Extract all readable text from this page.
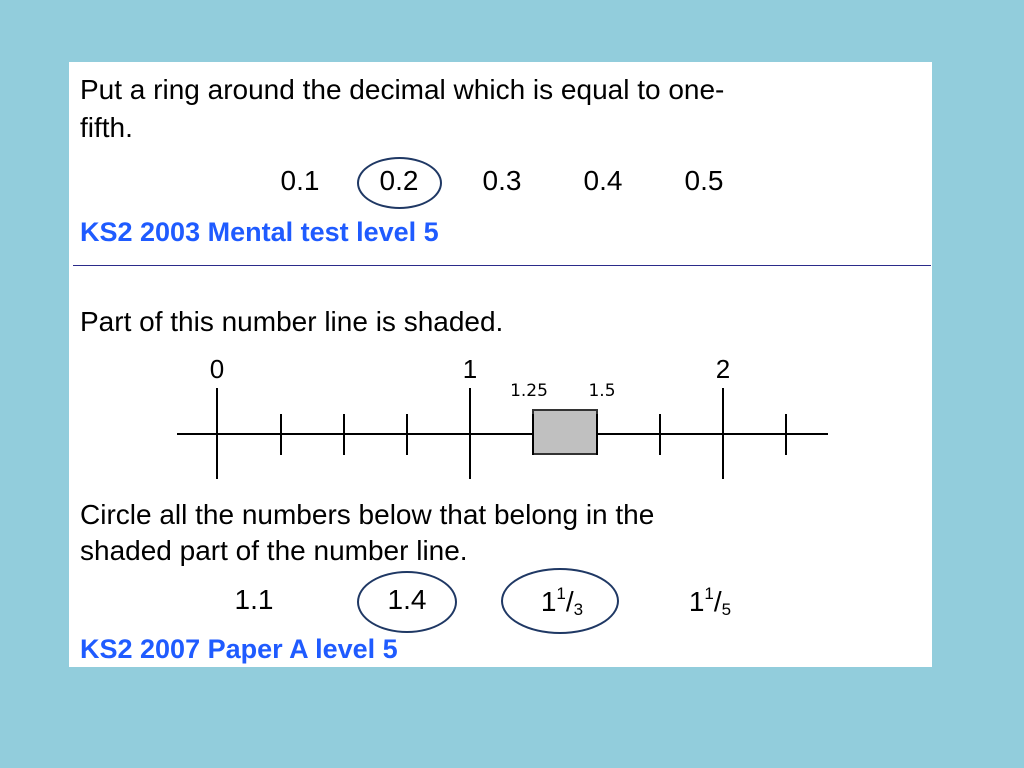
Put a ring around the decimal which is equal to one-
fifth.
0.1	0.2	0.3	0.4	0.5
KS2 2003 Mental test level 5
Part of this number line is shaded.
0	1	2
1.25 1.5
Circle all the numbers below that belong in the
shaded part of the number line.
1.1	1.4	$1^1/_3$	$1^1/_5$
KS2 2007 Paper A level 5
